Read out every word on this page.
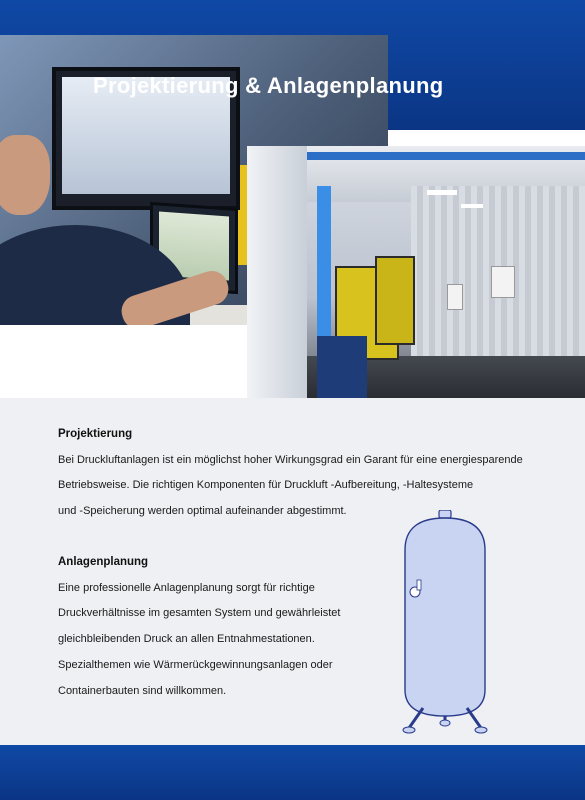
Projektierung & Anlagenplanung
Projektierung

Bei Druckluftanlagen ist ein möglichst hoher Wirkungsgrad ein Garant für eine energiesparende

Betriebsweise. Die richtigen Komponenten für Druckluft -Aufbereitung, -Haltesysteme

und -Speicherung werden optimal aufeinander abgestimmt.

Anlagenplanung

Eine professionelle Anlagenplanung sorgt für richtige

Druckverhältnisse im gesamten System und gewährleistet

gleichbleibenden Druck an allen Entnahmestationen.

Spezialthemen wie Wärmerückgewinnungsanlagen oder

Containerbauten sind willkommen.
